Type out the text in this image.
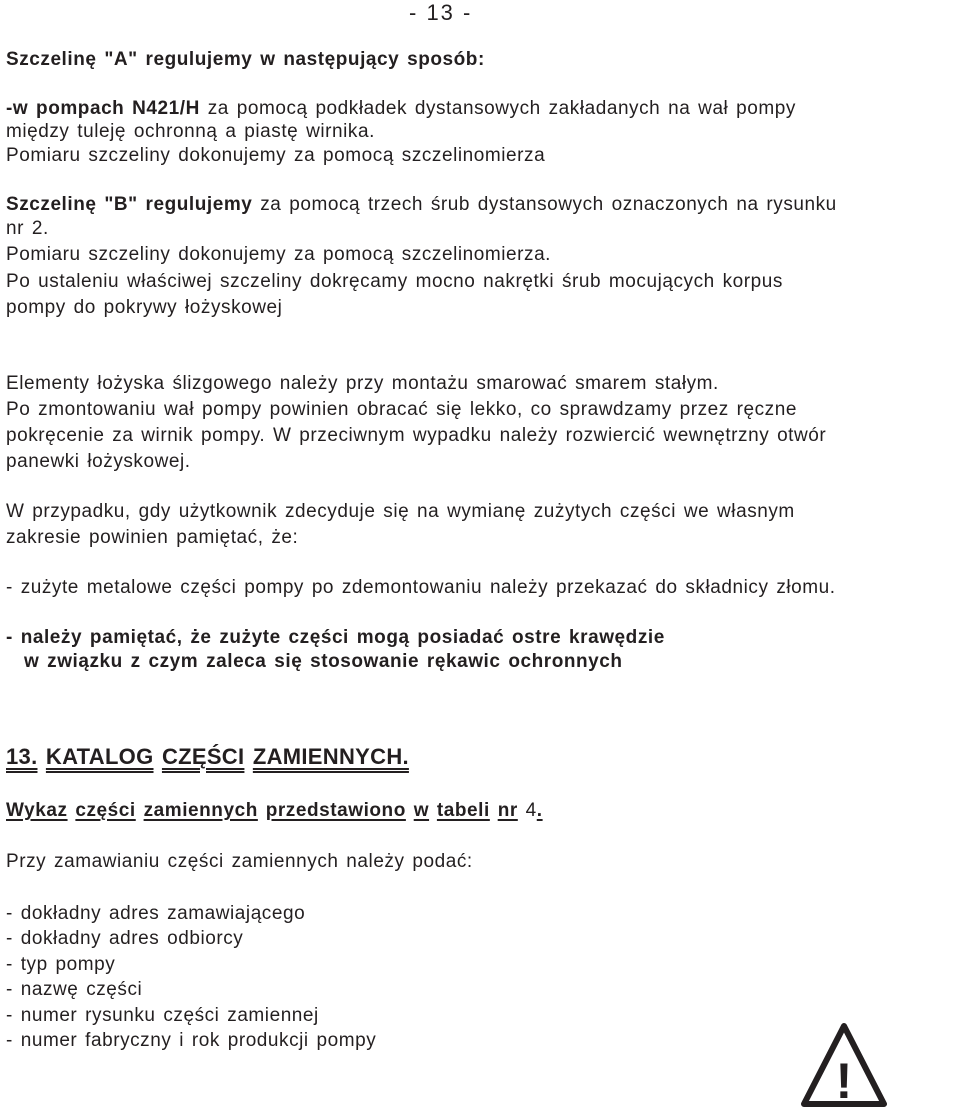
- 13 -

Szczelinę "A" regulujemy w następujący sposób:

-w pompach N421/H za pomocą podkładek dystansowych zakładanych na wał pompy

między tuleję ochronną a piastę wirnika.

Pomiaru szczeliny dokonujemy za pomocą szczelinomierza

Szczelinę "B" regulujemy za pomocą trzech śrub dystansowych oznaczonych na rysunku

nr 2.

Pomiaru szczeliny dokonujemy za pomocą szczelinomierza.

Po ustaleniu właściwej szczeliny dokręcamy mocno nakrętki śrub mocujących korpus

pompy do pokrywy łożyskowej

Elementy łożyska ślizgowego należy przy montażu smarować smarem stałym.

Po zmontowaniu wał pompy powinien obracać się lekko, co sprawdzamy przez ręczne

pokręcenie za wirnik pompy. W przeciwnym wypadku należy rozwiercić wewnętrzny otwór

panewki łożyskowej.

W przypadku, gdy użytkownik zdecyduje się na wymianę zużytych części we własnym

zakresie powinien pamiętać, że:

- zużyte metalowe części pompy po zdemontowaniu należy przekazać do składnicy złomu.

- należy pamiętać, że zużyte części mogą posiadać ostre krawędzie

w związku z czym zaleca się stosowanie rękawic ochronnych

13. KATALOG CZĘŚCI ZAMIENNYCH.

Wykaz części zamiennych przedstawiono w tabeli nr 4.

Przy zamawianiu części zamiennych należy podać:

- dokładny adres zamawiającego

- dokładny adres odbiorcy

- typ pompy

- nazwę części

- numer rysunku części zamiennej

- numer fabryczny i rok produkcji pompy

!
